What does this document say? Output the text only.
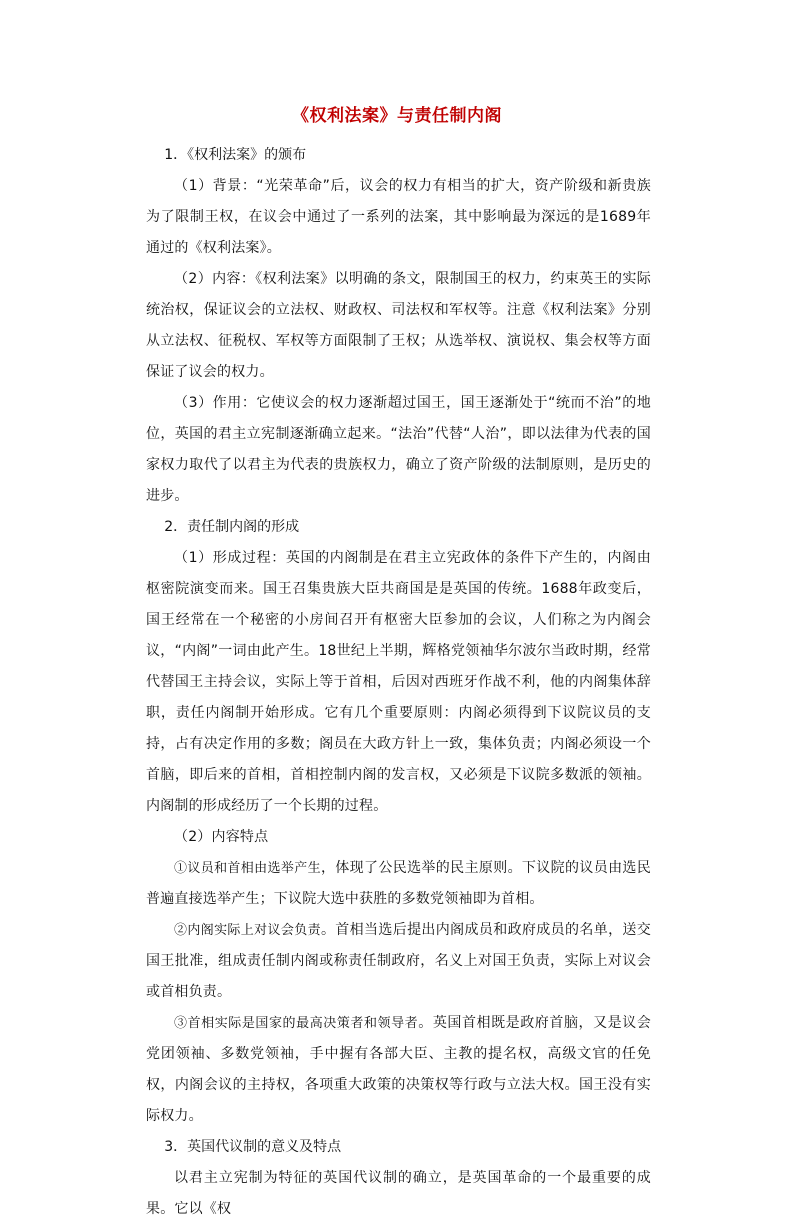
《权利法案》与责任制内阁

1．《权利法案》的颁布

（1）背景：“光荣革命”后，议会的权力有相当的扩大，资产阶级和新贵族为了限制王权，在议会中通过了一系列的法案，其中影响最为深远的是1689年通过的《权利法案》。

（2）内容：《权利法案》以明确的条文，限制国王的权力，约束英王的实际统治权，保证议会的立法权、财政权、司法权和军权等。注意《权利法案》分别从立法权、征税权、军权等方面限制了王权；从选举权、演说权、集会权等方面保证了议会的权力。

（3）作用：它使议会的权力逐渐超过国王，国王逐渐处于“统而不治”的地位，英国的君主立宪制逐渐确立起来。“法治”代替“人治”，即以法律为代表的国家权力取代了以君主为代表的贵族权力，确立了资产阶级的法制原则，是历史的进步。

2．责任制内阁的形成

（1）形成过程：英国的内阁制是在君主立宪政体的条件下产生的，内阁由枢密院演变而来。国王召集贵族大臣共商国是是英国的传统。1688年政变后，国王经常在一个秘密的小房间召开有枢密大臣参加的会议，人们称之为内阁会议，“内阁”一词由此产生。18世纪上半期，辉格党领袖华尔波尔当政时期，经常代替国王主持会议，实际上等于首相，后因对西班牙作战不利，他的内阁集体辞职，责任内阁制开始形成。它有几个重要原则：内阁必须得到下议院议员的支持，占有决定作用的多数；阁员在大政方针上一致，集体负责；内阁必须设一个首脑，即后来的首相，首相控制内阁的发言权，又必须是下议院多数派的领袖。内阁制的形成经历了一个长期的过程。

（2）内容特点

①议员和首相由选举产生，体现了公民选举的民主原则。下议院的议员由选民普遍直接选举产生；下议院大选中获胜的多数党领袖即为首相。

②内阁实际上对议会负责。首相当选后提出内阁成员和政府成员的名单，送交国王批准，组成责任制内阁或称责任制政府，名义上对国王负责，实际上对议会或首相负责。

③首相实际是国家的最高决策者和领导者。英国首相既是政府首脑，又是议会党团领袖、多数党领袖，手中握有各部大臣、主教的提名权，高级文官的任免权，内阁会议的主持权，各项重大政策的决策权等行政与立法大权。国王没有实际权力。

3．英国代议制的意义及特点

以君主立宪制为特征的英国代议制的确立，是英国革命的一个最重要的成果。它以《权
